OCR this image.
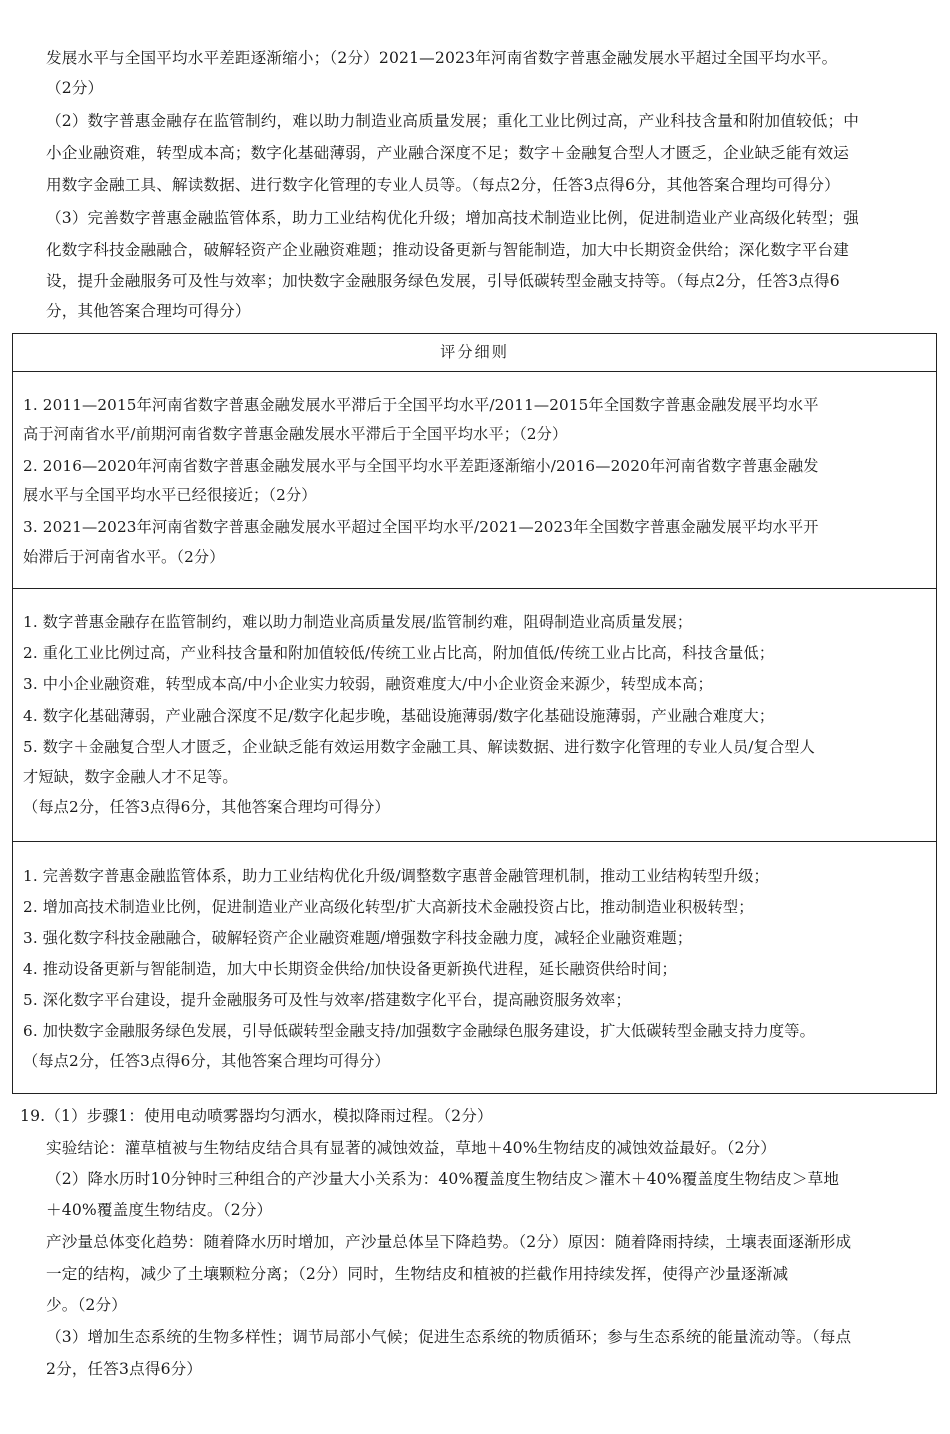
发展水平与全国平均水平差距逐渐缩小；（2分）2021—2023年河南省数字普惠金融发展水平超过全国平均水平。
（2分）
（2）数字普惠金融存在监管制约，难以助力制造业高质量发展；重化工业比例过高，产业科技含量和附加值较低；中
小企业融资难，转型成本高；数字化基础薄弱，产业融合深度不足；数字＋金融复合型人才匮乏，企业缺乏能有效运
用数字金融工具、解读数据、进行数字化管理的专业人员等。（每点2分，任答3点得6分，其他答案合理均可得分）
（3）完善数字普惠金融监管体系，助力工业结构优化升级；增加高技术制造业比例，促进制造业产业高级化转型；强
化数字科技金融融合，破解轻资产企业融资难题；推动设备更新与智能制造，加大中长期资金供给；深化数字平台建
设，提升金融服务可及性与效率；加快数字金融服务绿色发展，引导低碳转型金融支持等。（每点2分，任答3点得6
分，其他答案合理均可得分）
评分细则
1. 2011—2015年河南省数字普惠金融发展水平滞后于全国平均水平/2011—2015年全国数字普惠金融发展平均水平
高于河南省水平/前期河南省数字普惠金融发展水平滞后于全国平均水平；（2分）
2. 2016—2020年河南省数字普惠金融发展水平与全国平均水平差距逐渐缩小/2016—2020年河南省数字普惠金融发
展水平与全国平均水平已经很接近；（2分）
3. 2021—2023年河南省数字普惠金融发展水平超过全国平均水平/2021—2023年全国数字普惠金融发展平均水平开
始滞后于河南省水平。（2分）
1. 数字普惠金融存在监管制约，难以助力制造业高质量发展/监管制约难，阻碍制造业高质量发展；
2. 重化工业比例过高，产业科技含量和附加值较低/传统工业占比高，附加值低/传统工业占比高，科技含量低；
3. 中小企业融资难，转型成本高/中小企业实力较弱，融资难度大/中小企业资金来源少，转型成本高；
4. 数字化基础薄弱，产业融合深度不足/数字化起步晚，基础设施薄弱/数字化基础设施薄弱，产业融合难度大；
5. 数字＋金融复合型人才匮乏，企业缺乏能有效运用数字金融工具、解读数据、进行数字化管理的专业人员/复合型人
才短缺，数字金融人才不足等。
（每点2分，任答3点得6分，其他答案合理均可得分）
1. 完善数字普惠金融监管体系，助力工业结构优化升级/调整数字惠普金融管理机制，推动工业结构转型升级；
2. 增加高技术制造业比例，促进制造业产业高级化转型/扩大高新技术金融投资占比，推动制造业积极转型；
3. 强化数字科技金融融合，破解轻资产企业融资难题/增强数字科技金融力度，减轻企业融资难题；
4. 推动设备更新与智能制造，加大中长期资金供给/加快设备更新换代进程，延长融资供给时间；
5. 深化数字平台建设，提升金融服务可及性与效率/搭建数字化平台，提高融资服务效率；
6. 加快数字金融服务绿色发展，引导低碳转型金融支持/加强数字金融绿色服务建设，扩大低碳转型金融支持力度等。
（每点2分，任答3点得6分，其他答案合理均可得分）
19.（1）步骤1：使用电动喷雾器均匀洒水，模拟降雨过程。（2分）
实验结论：灌草植被与生物结皮结合具有显著的减蚀效益，草地＋40%生物结皮的减蚀效益最好。（2分）
（2）降水历时10分钟时三种组合的产沙量大小关系为：40%覆盖度生物结皮＞灌木＋40%覆盖度生物结皮＞草地
＋40%覆盖度生物结皮。（2分）
产沙量总体变化趋势：随着降水历时增加，产沙量总体呈下降趋势。（2分）原因：随着降雨持续，土壤表面逐渐形成
一定的结构，减少了土壤颗粒分离；（2分）同时，生物结皮和植被的拦截作用持续发挥，使得产沙量逐渐减
少。（2分）
（3）增加生态系统的生物多样性；调节局部小气候；促进生态系统的物质循环；参与生态系统的能量流动等。（每点
2分，任答3点得6分）
